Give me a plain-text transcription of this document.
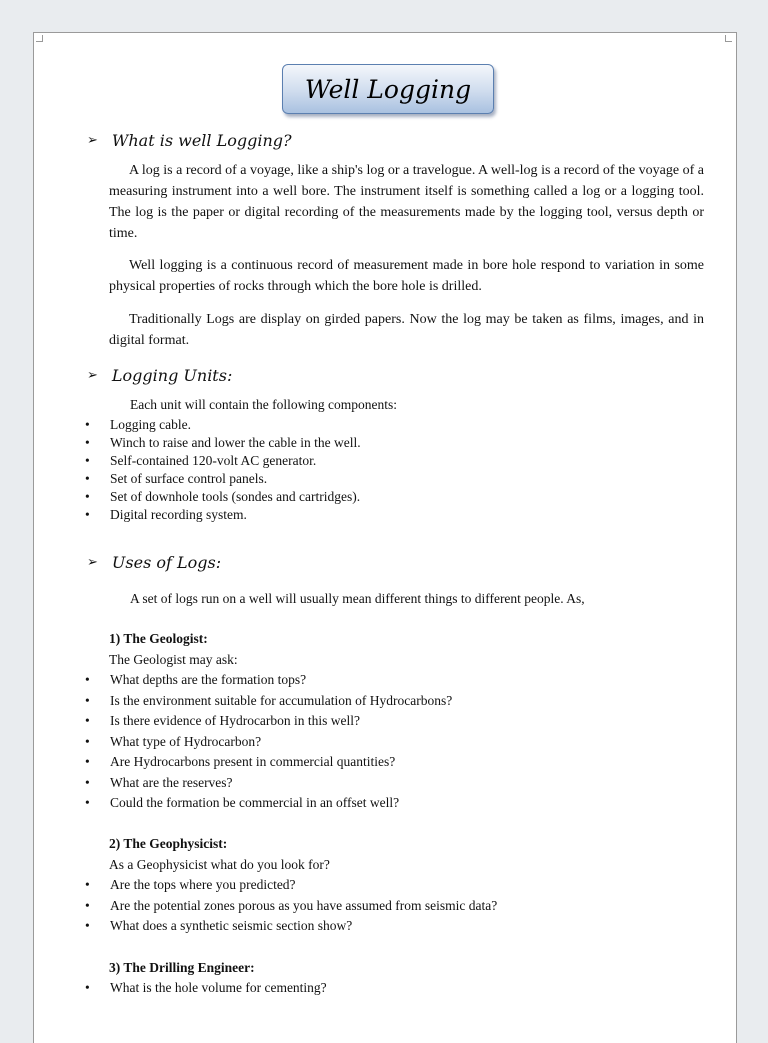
Well Logging
➢ What is well Logging?
A log is a record of a voyage, like a ship's log or a travelogue. A well-log is a record of the voyage of a measuring instrument into a well bore. The instrument itself is something called a log or a logging tool. The log is the paper or digital recording of the measurements made by the logging tool, versus depth or time.
Well logging is a continuous record of measurement made in bore hole respond to variation in some physical properties of rocks through which the bore hole is drilled.
Traditionally Logs are display on girded papers. Now the log may be taken as films, images, and in digital format.
➢ Logging Units:
Each unit will contain the following components:
• Logging cable.
• Winch to raise and lower the cable in the well.
• Self-contained 120-volt AC generator.
• Set of surface control panels.
• Set of downhole tools (sondes and cartridges).
• Digital recording system.
➢ Uses of Logs:
A set of logs run on a well will usually mean different things to different people. As,
1) The Geologist:
The Geologist may ask:
• What depths are the formation tops?
• Is the environment suitable for accumulation of Hydrocarbons?
• Is there evidence of Hydrocarbon in this well?
• What type of Hydrocarbon?
• Are Hydrocarbons present in commercial quantities?
• What are the reserves?
• Could the formation be commercial in an offset well?
2) The Geophysicist:
As a Geophysicist what do you look for?
• Are the tops where you predicted?
• Are the potential zones porous as you have assumed from seismic data?
• What does a synthetic seismic section show?
3) The Drilling Engineer:
• What is the hole volume for cementing?
